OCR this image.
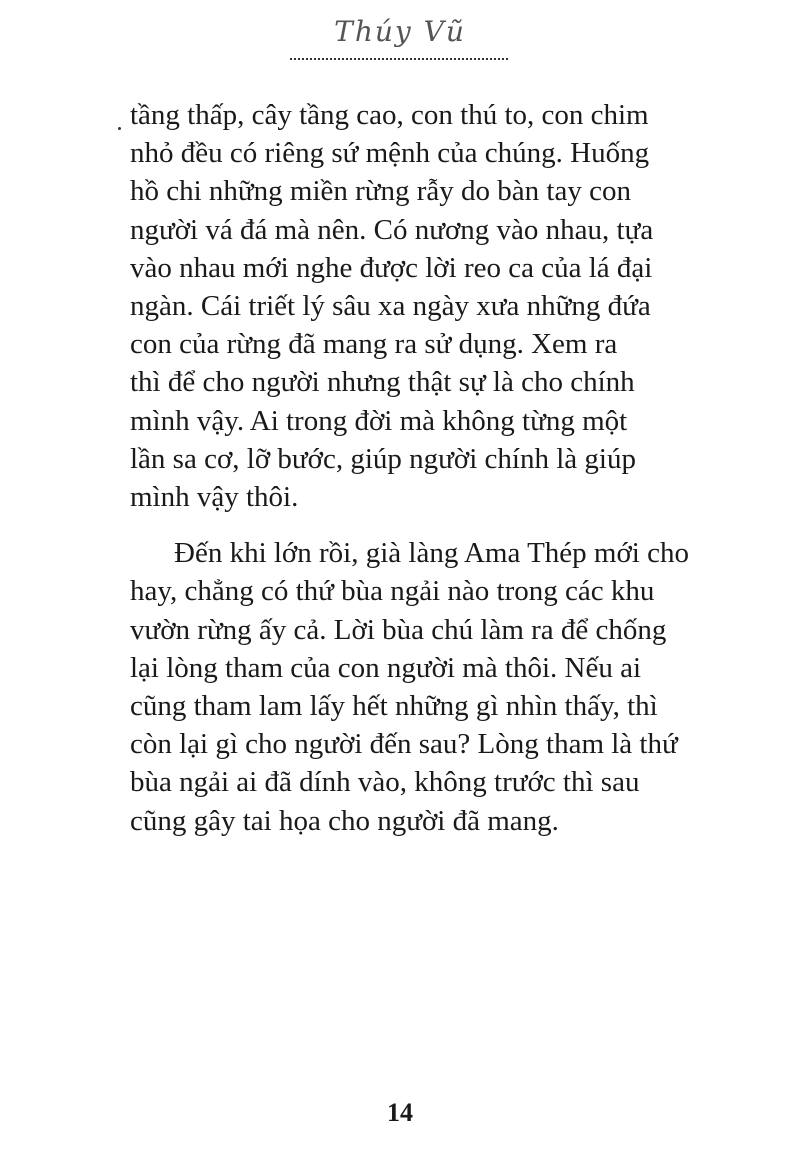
Thúy Vũ

tầng thấp, cây tầng cao, con thú to, con chim
nhỏ đều có riêng sứ mệnh của chúng. Huống
hồ chi những miền rừng rẫy do bàn tay con
người vá đá mà nên. Có nương vào nhau, tựa
vào nhau mới nghe được lời reo ca của lá đại
ngàn. Cái triết lý sâu xa ngày xưa những đứa
con của rừng đã mang ra sử dụng. Xem ra
thì để cho người nhưng thật sự là cho chính
mình vậy. Ai trong đời mà không từng một
lần sa cơ, lỡ bước, giúp người chính là giúp
mình vậy thôi.

Đến khi lớn rồi, già làng Ama Thép mới cho
hay, chẳng có thứ bùa ngải nào trong các khu
vườn rừng ấy cả. Lời bùa chú làm ra để chống
lại lòng tham của con người mà thôi. Nếu ai
cũng tham lam lấy hết những gì nhìn thấy, thì
còn lại gì cho người đến sau? Lòng tham là thứ
bùa ngải ai đã dính vào, không trước thì sau
cũng gây tai họa cho người đã mang.

14
